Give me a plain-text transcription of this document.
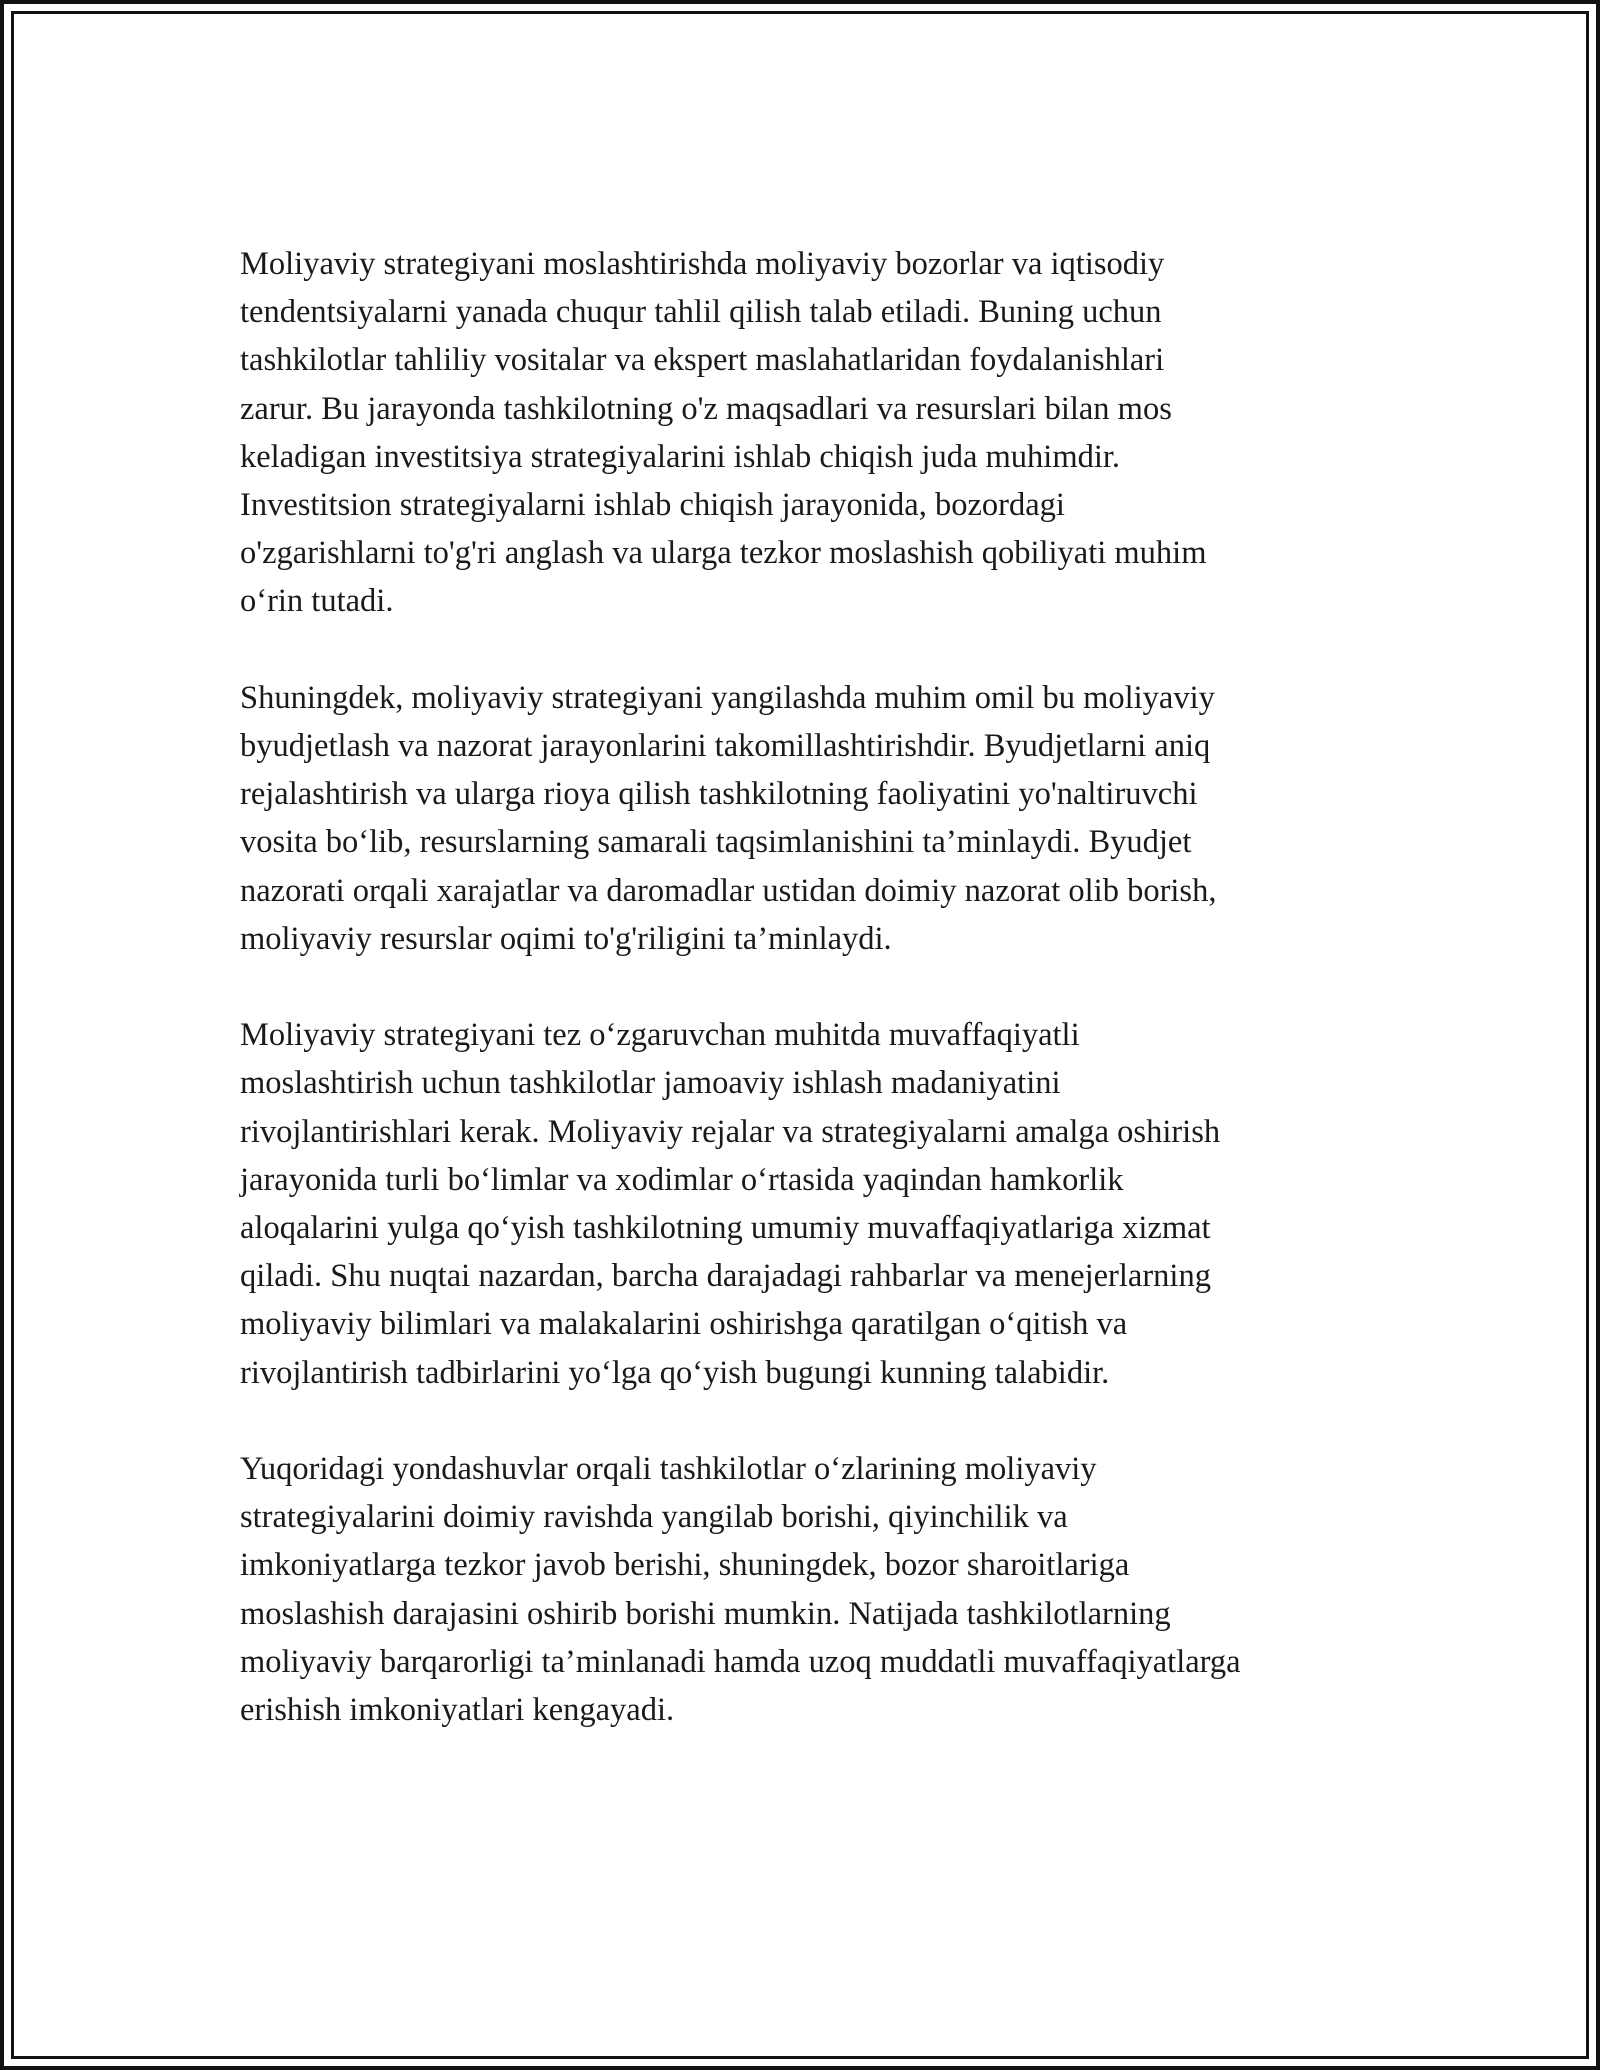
Moliyaviy strategiyani moslashtirishda moliyaviy bozorlar va iqtisodiy
tendentsiyalarni yanada chuqur tahlil qilish talab etiladi. Buning uchun
tashkilotlar tahliliy vositalar va ekspert maslahatlaridan foydalanishlari
zarur. Bu jarayonda tashkilotning o'z maqsadlari va resurslari bilan mos
keladigan investitsiya strategiyalarini ishlab chiqish juda muhimdir.
Investitsion strategiyalarni ishlab chiqish jarayonida, bozordagi
o'zgarishlarni to'g'ri anglash va ularga tezkor moslashish qobiliyati muhim
o‘rin tutadi.

Shuningdek, moliyaviy strategiyani yangilashda muhim omil bu moliyaviy
byudjetlash va nazorat jarayonlarini takomillashtirishdir. Byudjetlarni aniq
rejalashtirish va ularga rioya qilish tashkilotning faoliyatini yo'naltiruvchi
vosita bo‘lib, resurslarning samarali taqsimlanishini ta’minlaydi. Byudjet
nazorati orqali xarajatlar va daromadlar ustidan doimiy nazorat olib borish,
moliyaviy resurslar oqimi to'g'riligini ta’minlaydi.

Moliyaviy strategiyani tez o‘zgaruvchan muhitda muvaffaqiyatli
moslashtirish uchun tashkilotlar jamoaviy ishlash madaniyatini
rivojlantirishlari kerak. Moliyaviy rejalar va strategiyalarni amalga oshirish
jarayonida turli bo‘limlar va xodimlar o‘rtasida yaqindan hamkorlik
aloqalarini yulga qo‘yish tashkilotning umumiy muvaffaqiyatlariga xizmat
qiladi. Shu nuqtai nazardan, barcha darajadagi rahbarlar va menejerlarning
moliyaviy bilimlari va malakalarini oshirishga qaratilgan o‘qitish va
rivojlantirish tadbirlarini yo‘lga qo‘yish bugungi kunning talabidir.

Yuqoridagi yondashuvlar orqali tashkilotlar o‘zlarining moliyaviy
strategiyalarini doimiy ravishda yangilab borishi, qiyinchilik va
imkoniyatlarga tezkor javob berishi, shuningdek, bozor sharoitlariga
moslashish darajasini oshirib borishi mumkin. Natijada tashkilotlarning
moliyaviy barqarorligi ta’minlanadi hamda uzoq muddatli muvaffaqiyatlarga
erishish imkoniyatlari kengayadi.
